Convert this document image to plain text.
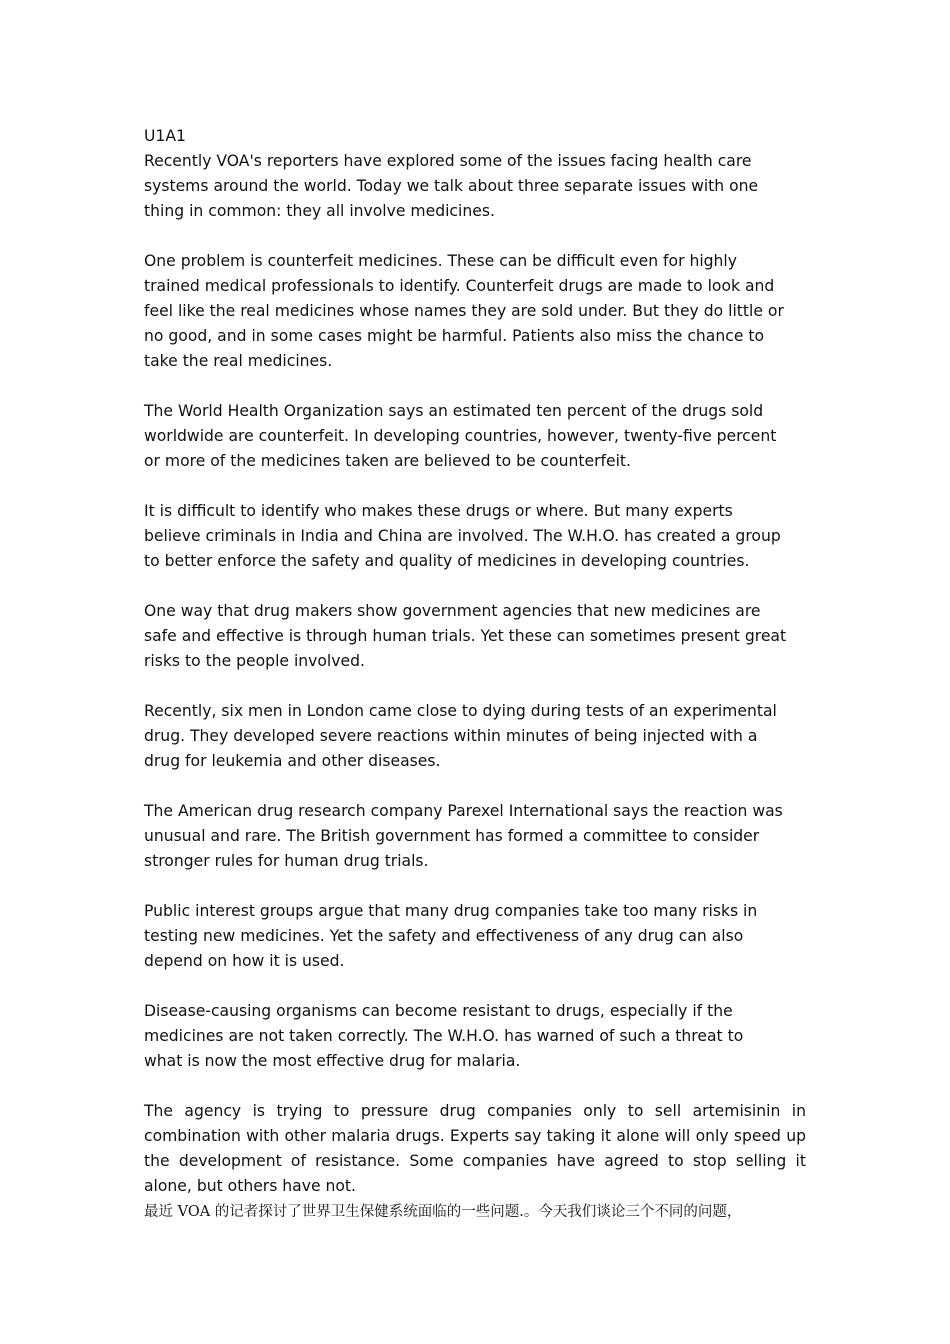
U1A1

Recently VOA's reporters have explored some of the issues facing health care

systems around the world. Today we talk about three separate issues with one

thing in common: they all involve medicines.

One problem is counterfeit medicines. These can be difficult even for highly

trained medical professionals to identify. Counterfeit drugs are made to look and

feel like the real medicines whose names they are sold under. But they do little or

no good, and in some cases might be harmful. Patients also miss the chance to

take the real medicines.

The World Health Organization says an estimated ten percent of the drugs sold

worldwide are counterfeit. In developing countries, however, twenty-five percent

or more of the medicines taken are believed to be counterfeit.

It is difficult to identify who makes these drugs or where. But many experts

believe criminals in India and China are involved. The W.H.O. has created a group

to better enforce the safety and quality of medicines in developing countries.

One way that drug makers show government agencies that new medicines are

safe and effective is through human trials. Yet these can sometimes present great

risks to the people involved.

Recently, six men in London came close to dying during tests of an experimental

drug. They developed severe reactions within minutes of being injected with a

drug for leukemia and other diseases.

The American drug research company Parexel International says the reaction was

unusual and rare. The British government has formed a committee to consider

stronger rules for human drug trials.

Public interest groups argue that many drug companies take too many risks in

testing new medicines. Yet the safety and effectiveness of any drug can also

depend on how it is used.

Disease-causing organisms can become resistant to drugs, especially if the

medicines are not taken correctly. The W.H.O. has warned of such a threat to

what is now the most effective drug for malaria.

The agency is trying to pressure drug companies only to sell artemisinin in combination with other malaria drugs. Experts say taking it alone will only speed up the development of resistance. Some companies have agreed to stop selling it alone, but others have not.

最近 VOA 的记者探讨了世界卫生保健系统面临的一些问题.。今天我们谈论三个不同的问题，
